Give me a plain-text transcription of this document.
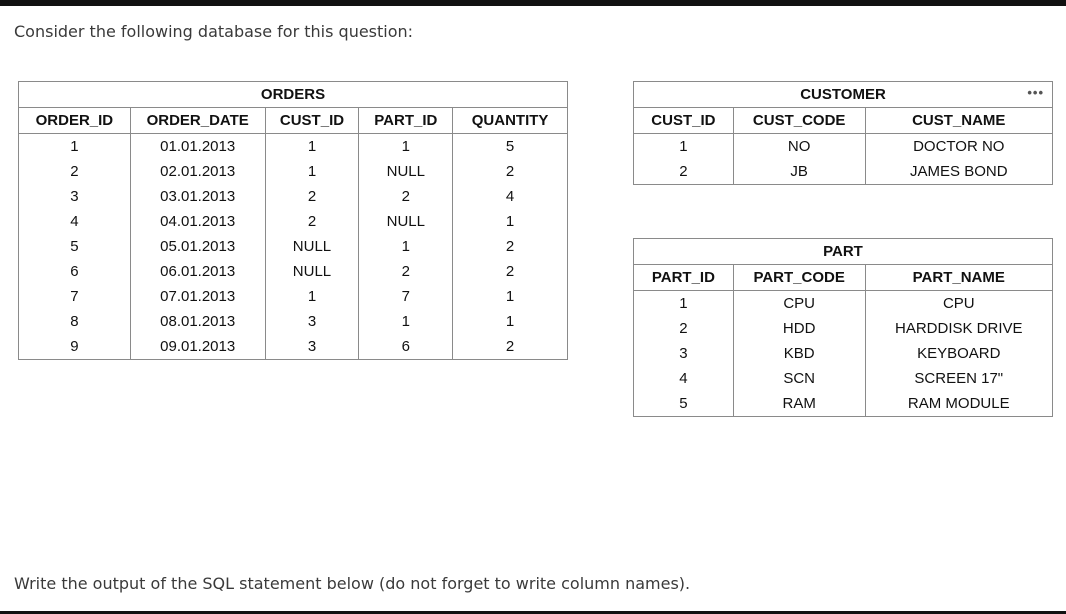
Consider the following database for this question:
ORDERS				
ORDER_ID	ORDER_DATE	CUST_ID	PART_ID	QUANTITY
1	01.01.2013	1	1	5
2	02.01.2013	1	NULL	2
3	03.01.2013	2	2	4
4	04.01.2013	2	NULL	1
5	05.01.2013	NULL	1	2
6	06.01.2013	NULL	2	2
7	07.01.2013	1	7	1
8	08.01.2013	3	1	1
9	09.01.2013	3	6	2
CUSTOMER •••		

CUST_ID	CUST_CODE	CUST_NAME
1	NO	DOCTOR NO
2	JB	JAMES BOND
PART		
PART_ID	PART_CODE	PART_NAME
1	CPU	CPU
2	HDD	HARDDISK DRIVE
3	KBD	KEYBOARD
4	SCN	SCREEN 17"
5	RAM	RAM MODULE
Write the output of the SQL statement below (do not forget to write column names).
